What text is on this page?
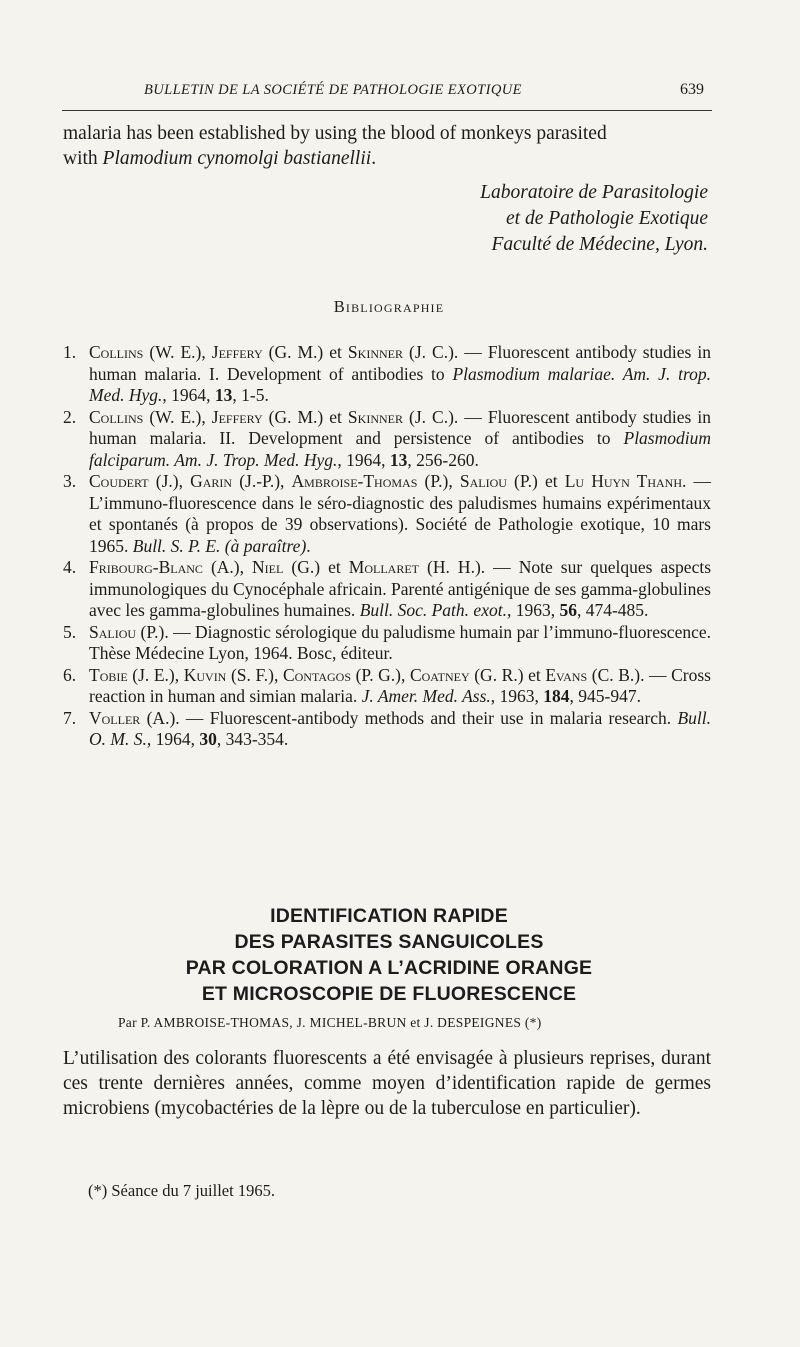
BULLETIN DE LA SOCIÉTÉ DE PATHOLOGIE EXOTIQUE	639

malaria has been established by using the blood of monkeys parasited
with Plamodium cynomolgi bastianellii.

Laboratoire de Parasitologie
et de Pathologie Exotique
Faculté de Médecine, Lyon.
Bibliographie
1. Collins (W. E.), Jeffery (G. M.) et Skinner (J. C.). — Fluorescent antibody studies in human malaria. I. Development of antibodies to Plasmodium malariae. Am. J. trop. Med. Hyg., 1964, 13, 1-5.
2. Collins (W. E.), Jeffery (G. M.) et Skinner (J. C.). — Fluorescent antibody studies in human malaria. II. Development and persistence of antibodies to Plasmodium falciparum. Am. J. Trop. Med. Hyg., 1964, 13, 256-260.
3. Coudert (J.), Garin (J.-P.), Ambroise-Thomas (P.), Saliou (P.) et Lu Huyn Thanh. — L’immuno-fluorescence dans le séro-diagnostic des paludismes humains expérimentaux et spontanés (à propos de 39 observations). Société de Pathologie exotique, 10 mars 1965. Bull. S. P. E. (à paraître).
4. Fribourg-Blanc (A.), Niel (G.) et Mollaret (H. H.). — Note sur quelques aspects immunologiques du Cynocéphale africain. Parenté antigénique de ses gamma-globulines avec les gamma-globulines humaines. Bull. Soc. Path. exot., 1963, 56, 474-485.
5. Saliou (P.). — Diagnostic sérologique du paludisme humain par l’immuno-fluorescence. Thèse Médecine Lyon, 1964. Bosc, éditeur.
6. Tobie (J. E.), Kuvin (S. F.), Contagos (P. G.), Coatney (G. R.) et Evans (C. B.). — Cross reaction in human and simian malaria. J. Amer. Med. Ass., 1963, 184, 945-947.
7. Voller (A.). — Fluorescent-antibody methods and their use in malaria research. Bull. O. M. S., 1964, 30, 343-354.
IDENTIFICATION RAPIDE
DES PARASITES SANGUICOLES
PAR COLORATION A L’ACRIDINE ORANGE
ET MICROSCOPIE DE FLUORESCENCE
Par P. AMBROISE-THOMAS, J. MICHEL-BRUN et J. DESPEIGNES (*)

L’utilisation des colorants fluorescents a été envisagée à plusieurs reprises, durant ces trente dernières années, comme moyen d’identification rapide de germes microbiens (mycobactéries de la lèpre ou de la tuberculose en particulier).

(*) Séance du 7 juillet 1965.
